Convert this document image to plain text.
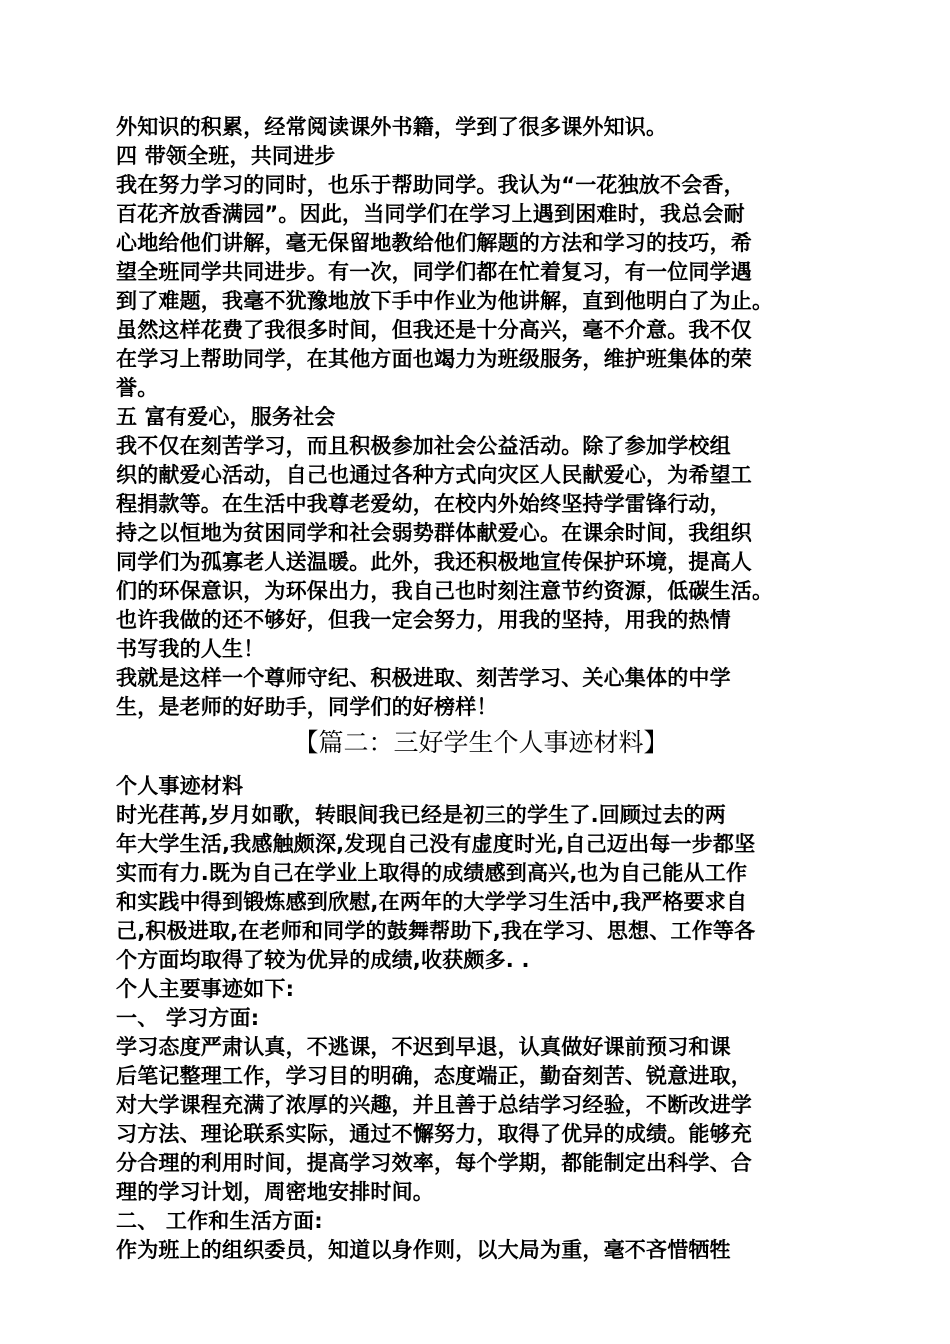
外知识的积累，经常阅读课外书籍，学到了很多课外知识。
四 带领全班，共同进步
我在努力学习的同时，也乐于帮助同学。我认为“一花独放不会香，
百花齐放香满园”。因此，当同学们在学习上遇到困难时，我总会耐
心地给他们讲解，毫无保留地教给他们解题的方法和学习的技巧，希
望全班同学共同进步。有一次，同学们都在忙着复习，有一位同学遇
到了难题，我毫不犹豫地放下手中作业为他讲解，直到他明白了为止。
虽然这样花费了我很多时间，但我还是十分高兴，毫不介意。我不仅
在学习上帮助同学，在其他方面也竭力为班级服务，维护班集体的荣
誉。
五 富有爱心，服务社会
我不仅在刻苦学习，而且积极参加社会公益活动。除了参加学校组
织的献爱心活动，自己也通过各种方式向灾区人民献爱心，为希望工
程捐款等。在生活中我尊老爱幼，在校内外始终坚持学雷锋行动，
持之以恒地为贫困同学和社会弱势群体献爱心。在课余时间，我组织
同学们为孤寡老人送温暖。此外，我还积极地宣传保护环境，提高人
们的环保意识，为环保出力，我自己也时刻注意节约资源，低碳生活。
也许我做的还不够好，但我一定会努力，用我的坚持，用我的热情
书写我的人生！
我就是这样一个尊师守纪、积极进取、刻苦学习、关心集体的中学
生，是老师的好助手，同学们的好榜样！
【篇二：三好学生个人事迹材料】
个人事迹材料
时光荏苒,岁月如歌，转眼间我已经是初三的学生了.回顾过去的两
年大学生活,我感触颇深,发现自己没有虚度时光,自己迈出每一步都坚
实而有力.既为自己在学业上取得的成绩感到高兴,也为自己能从工作
和实践中得到锻炼感到欣慰,在两年的大学学习生活中,我严格要求自
己,积极进取,在老师和同学的鼓舞帮助下,我在学习、思想、工作等各
个方面均取得了较为优异的成绩,收获颇多. .
个人主要事迹如下:
一、 学习方面:
学习态度严肃认真，不逃课，不迟到早退，认真做好课前预习和课
后笔记整理工作，学习目的明确，态度端正，勤奋刻苦、锐意进取，
对大学课程充满了浓厚的兴趣，并且善于总结学习经验，不断改进学
习方法、理论联系实际，通过不懈努力，取得了优异的成绩。能够充
分合理的利用时间，提高学习效率，每个学期，都能制定出科学、合
理的学习计划，周密地安排时间。
二、 工作和生活方面:
作为班上的组织委员，知道以身作则，以大局为重，毫不吝惜牺牲
